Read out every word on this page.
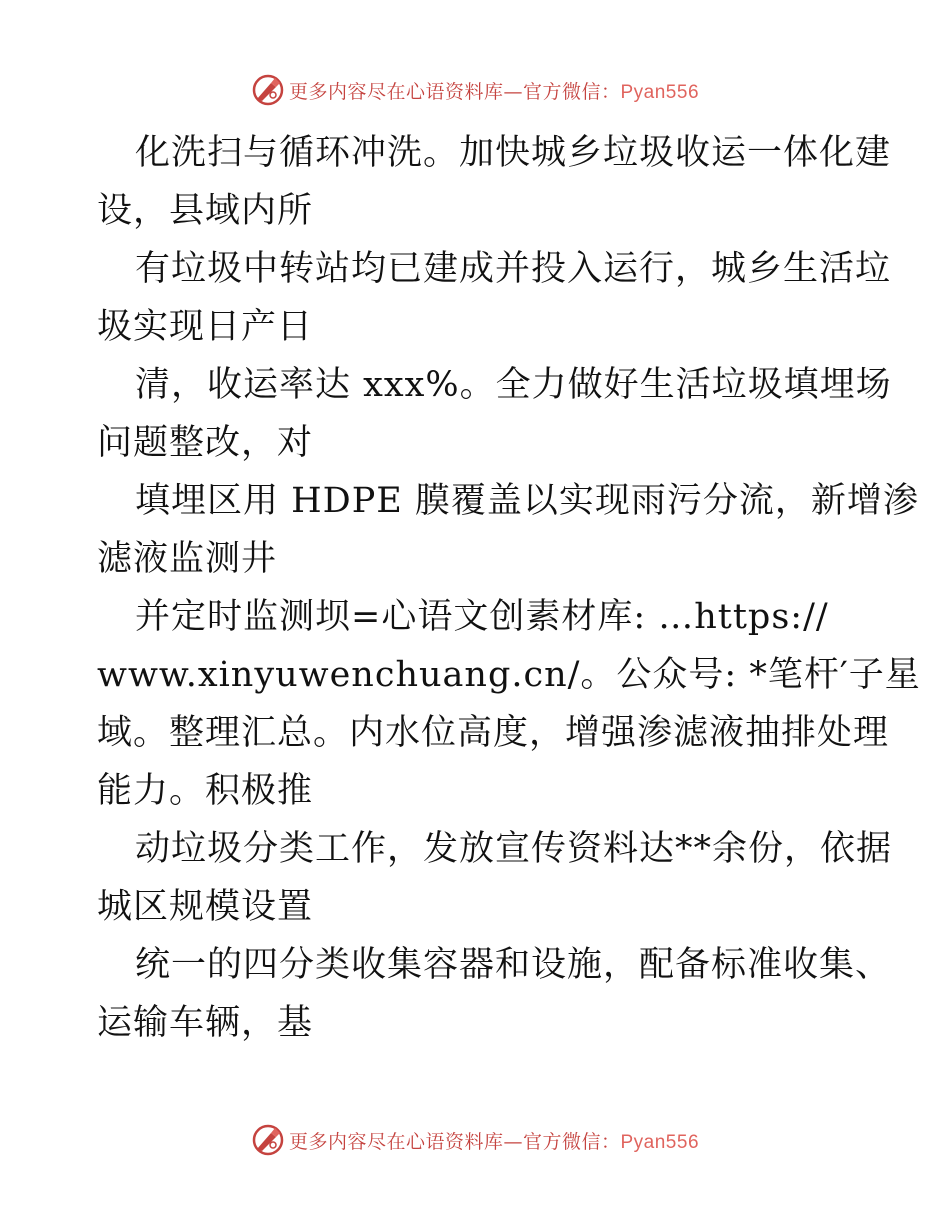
更多内容尽在心语资料库—官方微信：Pyan556
化洗扫与循环冲洗。加快城乡垃圾收运一体化建
设，县域内所
有垃圾中转站均已建成并投入运行，城乡生活垃
圾实现日产日
清，收运率达 xxx%。全力做好生活垃圾填埋场
问题整改，对
填埋区用 HDPE 膜覆盖以实现雨污分流，新增渗
滤液监测井
并定时监测坝=心语文创素材库: …https://
www.xinyuwenchuang.cn/。公众号: *笔杆′子星
域。整理汇总。内水位高度，增强渗滤液抽排处理
能力。积极推
动垃圾分类工作，发放宣传资料达**余份，依据
城区规模设置
统一的四分类收集容器和设施，配备标准收集、
运输车辆，基
更多内容尽在心语资料库—官方微信：Pyan556
